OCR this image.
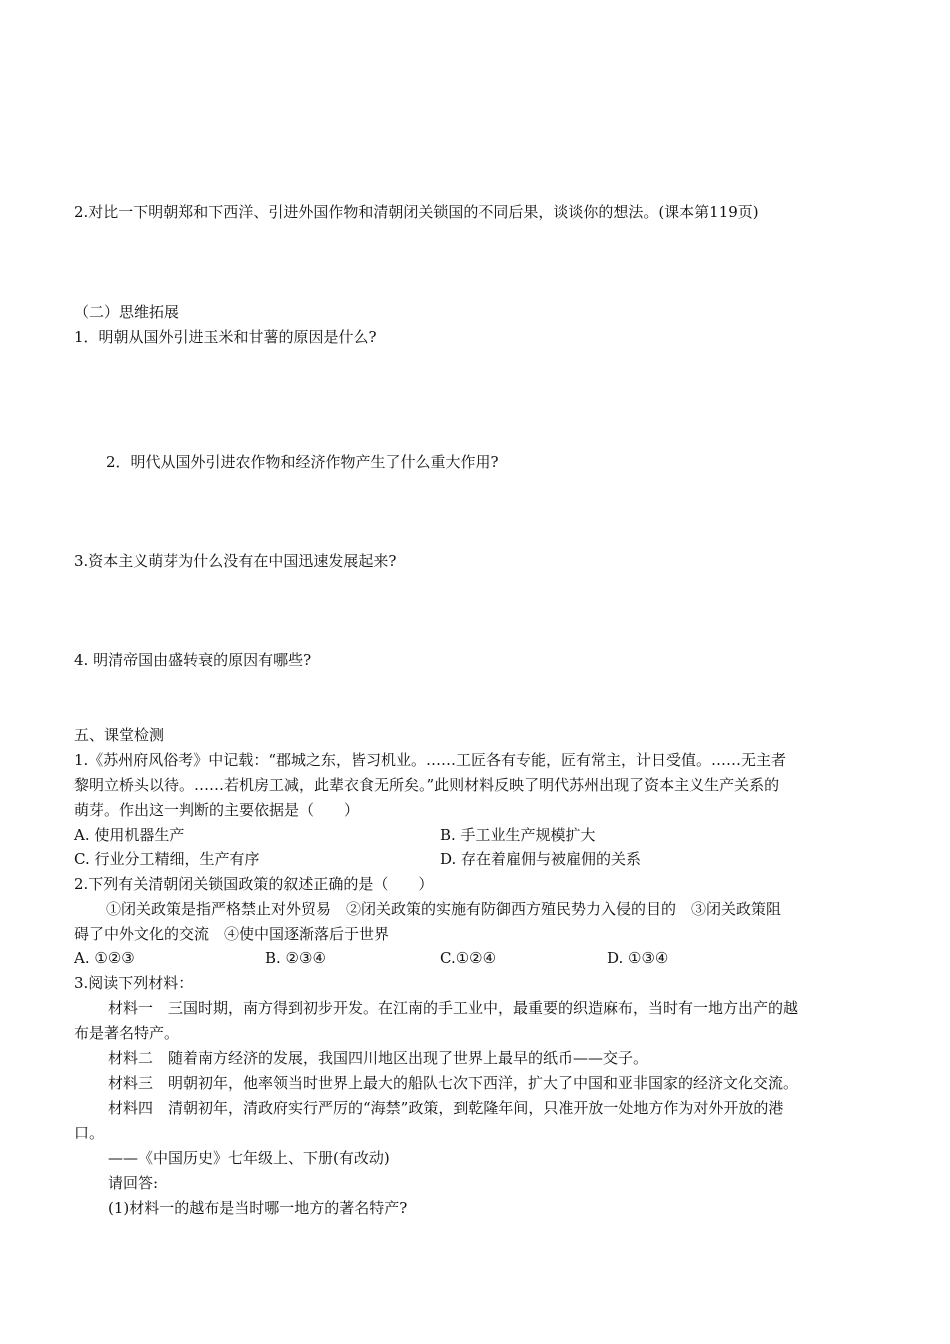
2.对比一下明朝郑和下西洋、引进外国作物和清朝闭关锁国的不同后果，谈谈你的想法。(课本第119页)
（二）思维拓展
1．明朝从国外引进玉米和甘薯的原因是什么?
2．明代从国外引进农作物和经济作物产生了什么重大作用?
3.资本主义萌芽为什么没有在中国迅速发展起来?
4. 明清帝国由盛转衰的原因有哪些?
五、课堂检测
1.《苏州府风俗考》中记载：“郡城之东，皆习机业。……工匠各有专能，匠有常主，计日受值。……无主者
黎明立桥头以待。……若机房工减，此辈衣食无所矣。”此则材料反映了明代苏州出现了资本主义生产关系的
萌芽。作出这一判断的主要依据是（　　）
A. 使用机器生产	B. 手工业生产规模扩大
C. 行业分工精细，生产有序	D. 存在着雇佣与被雇佣的关系
2.下列有关清朝闭关锁国政策的叙述正确的是（　　）
①闭关政策是指严格禁止对外贸易　②闭关政策的实施有防御西方殖民势力入侵的目的　③闭关政策阻
碍了中外文化的交流　④使中国逐渐落后于世界
A. ①②③	B. ②③④	C.①②④	D. ①③④
3.阅读下列材料：
材料一　三国时期，南方得到初步开发。在江南的手工业中，最重要的织造麻布，当时有一地方出产的越
布是著名特产。
材料二　随着南方经济的发展，我国四川地区出现了世界上最早的纸币——交子。
材料三　明朝初年，他率领当时世界上最大的船队七次下西洋，扩大了中国和亚非国家的经济文化交流。
材料四　清朝初年，清政府实行严厉的“海禁”政策，到乾隆年间，只准开放一处地方作为对外开放的港
口。
——《中国历史》七年级上、下册(有改动)
请回答:
(1)材料一的越布是当时哪一地方的著名特产?
